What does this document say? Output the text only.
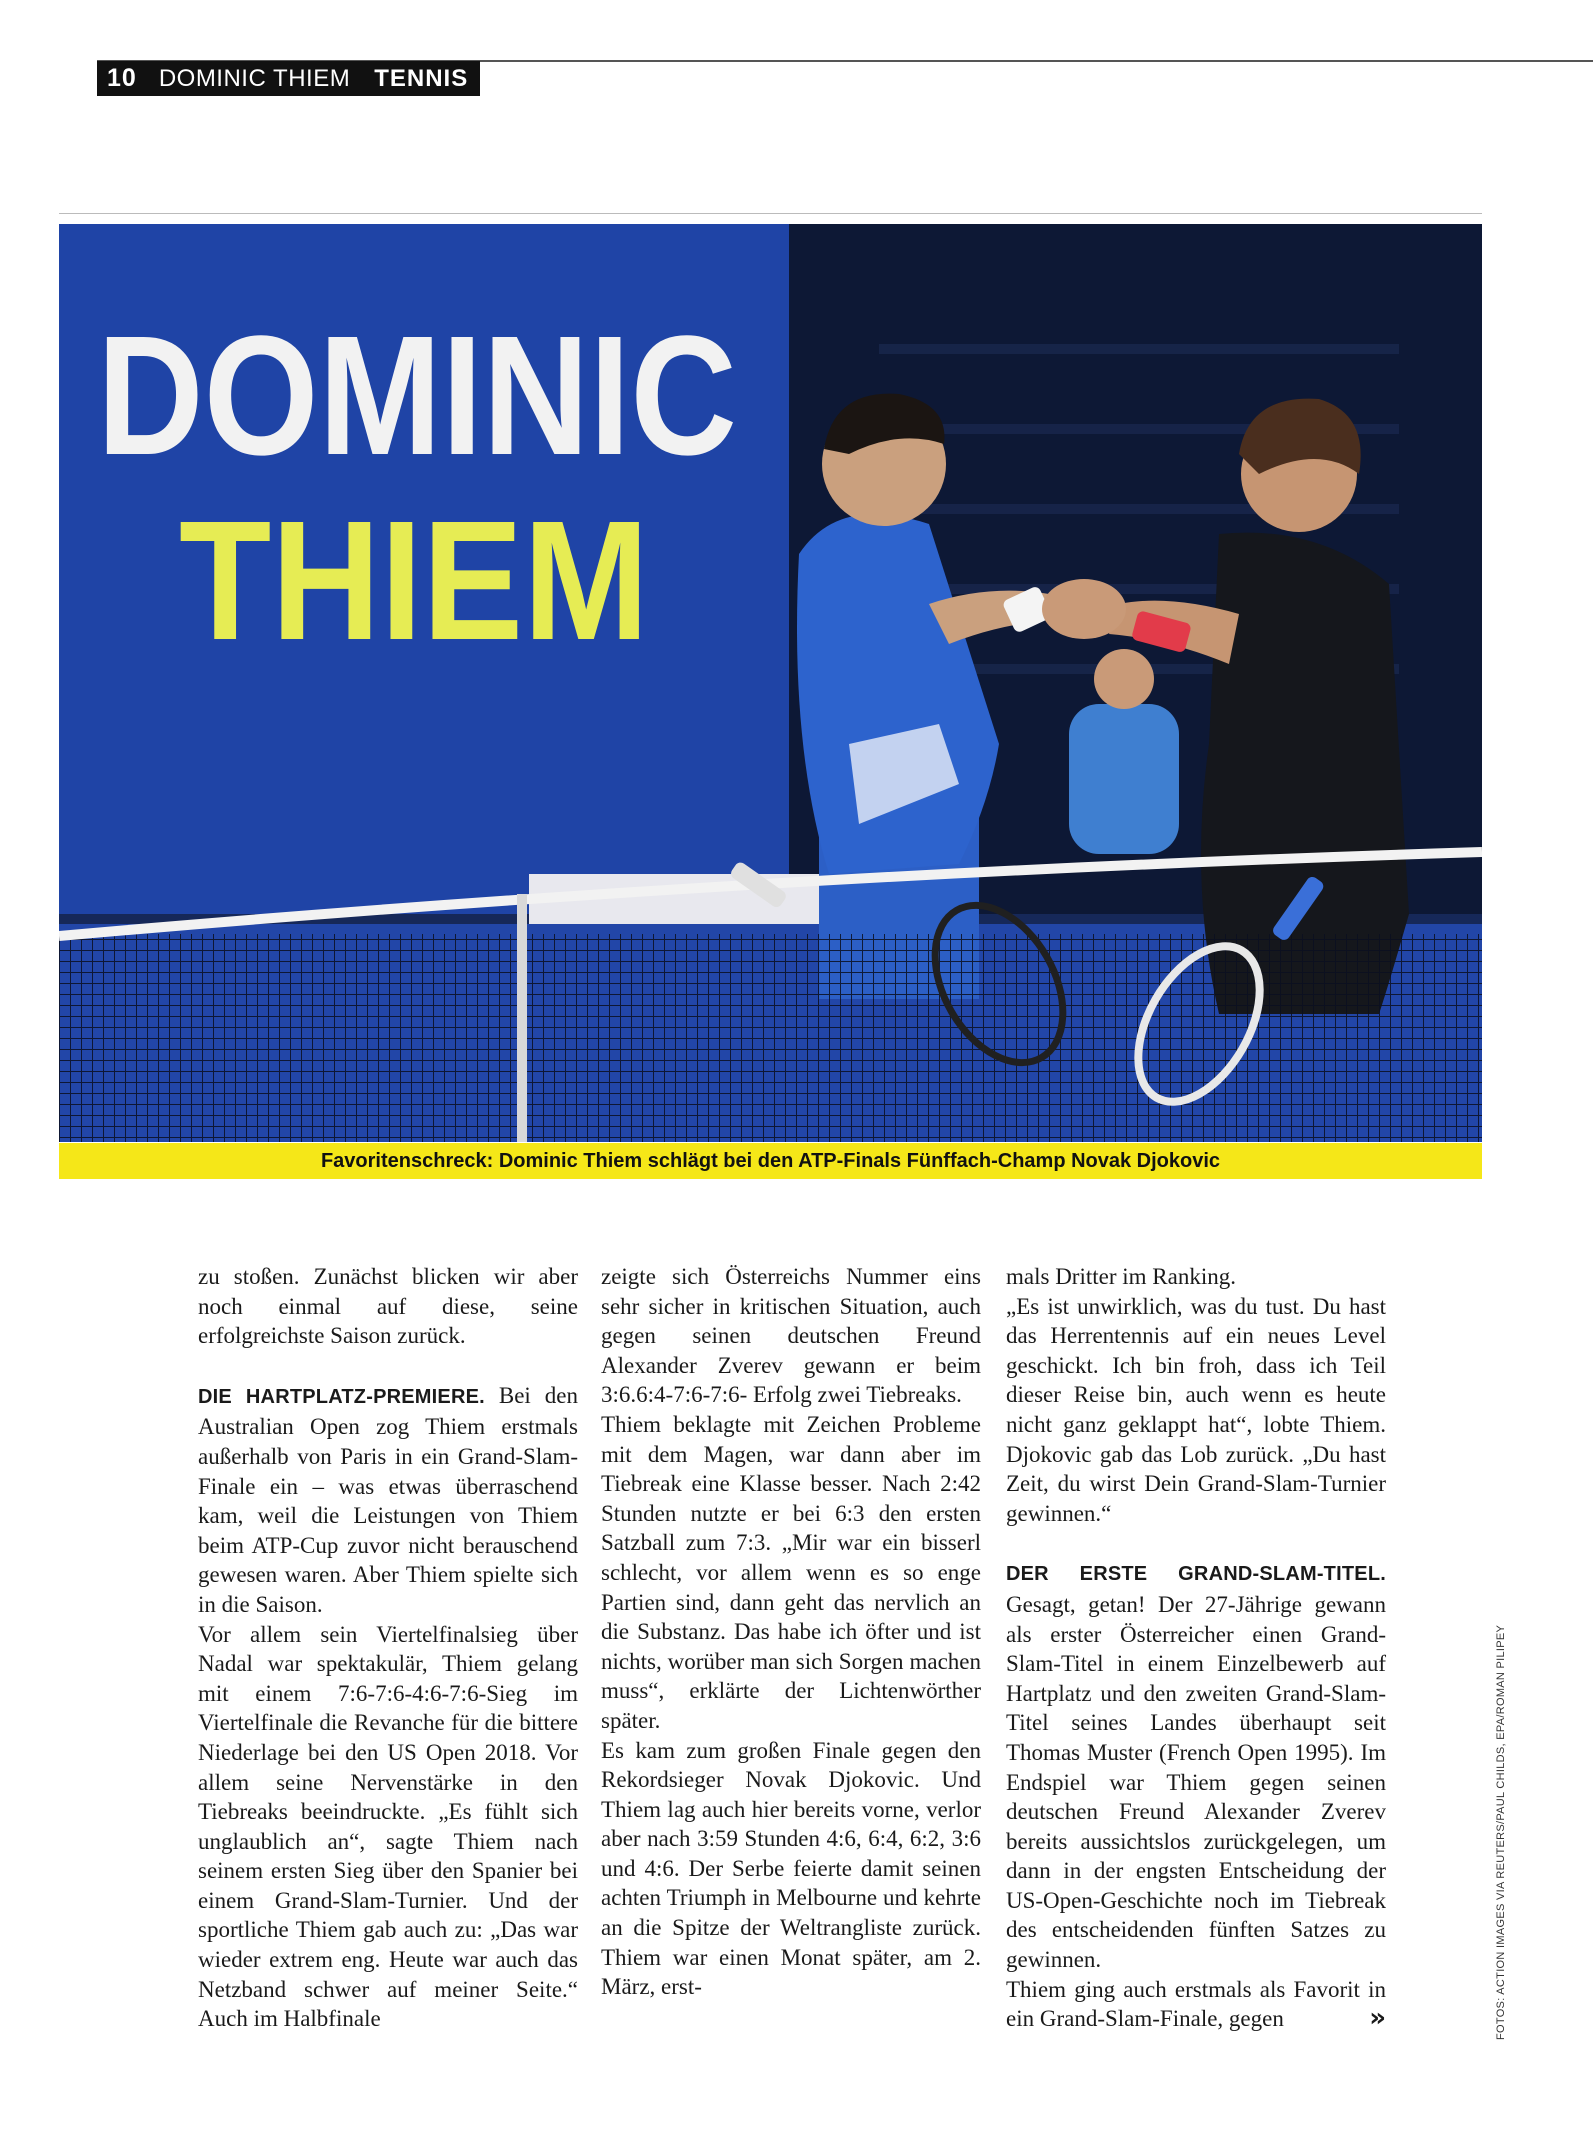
10 DOMINIC THIEM TENNIS
DOMINIC
THIEM
Favoritenschreck: Dominic Thiem schlägt bei den ATP-Finals Fünffach-Champ Novak Djokovic

zu stoßen. Zunächst blicken wir aber noch einmal auf diese, seine erfolgreichste Saison zurück.

DIE HARTPLATZ-PREMIERE. Bei den Australian Open zog Thiem erstmals außerhalb von Paris in ein Grand-Slam-Finale ein – was etwas überraschend kam, weil die Leistungen von Thiem beim ATP-Cup zuvor nicht berauschend gewesen waren. Aber Thiem spielte sich in die Saison.

Vor allem sein Viertelfinalsieg über Nadal war spektakulär, Thiem gelang mit einem 7:6-7:6-4:6-7:6-Sieg im Viertelfinale die Revanche für die bittere Niederlage bei den US Open 2018. Vor allem seine Nervenstärke in den Tiebreaks beeindruckte. „Es fühlt sich unglaublich an“, sagte Thiem nach seinem ersten Sieg über den Spanier bei einem Grand-Slam-Turnier. Und der sportliche Thiem gab auch zu: „Das war wieder extrem eng. Heute war auch das Netzband schwer auf meiner Seite.“ Auch im Halbfinale

zeigte sich Österreichs Nummer eins sehr sicher in kritischen Situation, auch gegen seinen deutschen Freund Alexander Zverev gewann er beim 3:6.6:4-7:6-7:6- Erfolg zwei Tiebreaks.

Thiem beklagte mit Zeichen Probleme mit dem Magen, war dann aber im Tiebreak eine Klasse besser. Nach 2:42 Stunden nutzte er bei 6:3 den ersten Satzball zum 7:3. „Mir war ein bisserl schlecht, vor allem wenn es so enge Partien sind, dann geht das nervlich an die Substanz. Das habe ich öfter und ist nichts, worüber man sich Sorgen machen muss“, erklärte der Lichtenwörther später.

Es kam zum großen Finale gegen den Rekordsieger Novak Djokovic. Und Thiem lag auch hier bereits vorne, verlor aber nach 3:59 Stunden 4:6, 6:4, 6:2, 3:6 und 4:6. Der Serbe feierte damit seinen achten Triumph in Melbourne und kehrte an die Spitze der Weltrangliste zurück. Thiem war einen Monat später, am 2. März, erst-

mals Dritter im Ranking.

„Es ist unwirklich, was du tust. Du hast das Herrentennis auf ein neues Level geschickt. Ich bin froh, dass ich Teil dieser Reise bin, auch wenn es heute nicht ganz geklappt hat“, lobte Thiem. Djokovic gab das Lob zurück. „Du hast Zeit, du wirst Dein Grand-Slam-Turnier gewinnen.“

DER ERSTE GRAND-SLAM-TITEL. Gesagt, getan! Der 27-Jährige gewann als erster Österreicher einen Grand-Slam-Titel in einem Einzelbewerb auf Hartplatz und den zweiten Grand-Slam-Titel seines Landes überhaupt seit Thomas Muster (French Open 1995). Im Endspiel war Thiem gegen seinen deutschen Freund Alexander Zverev bereits aussichtslos zurückgelegen, um dann in der engsten Entscheidung der US-Open-Geschichte noch im Tiebreak des entscheidenden fünften Satzes zu gewinnen.

Thiem ging auch erstmals als Favorit in ein Grand-Slam-Finale, gegen	»	FOTOS: ACTION IMAGES VIA REUTERS/PAUL CHILDS, EPA/ROMAN PILIPEY
